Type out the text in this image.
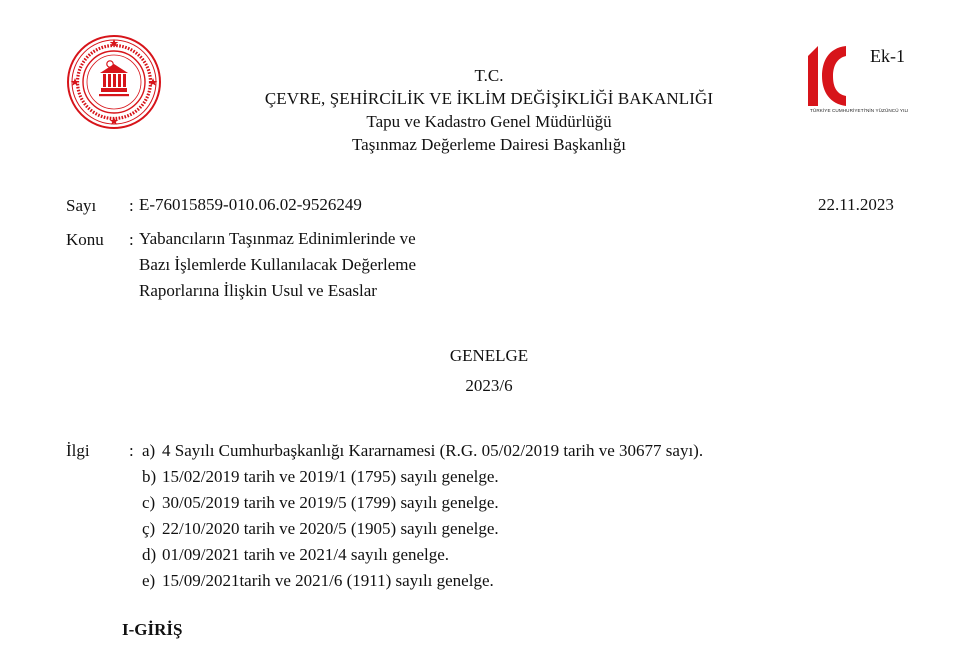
T.C.
ÇEVRE, ŞEHİRCİLİK VE İKLİM DEĞİŞİKLİĞİ BAKANLIĞI
Tapu ve Kadastro Genel Müdürlüğü
Taşınmaz Değerleme Dairesi Başkanlığı
TÜRKİYE CUMHURİYETİ'NİN YÜZÜNCÜ YILI
Ek-1
Sayı : E-76015859-010.06.02-9526249	22.11.2023
Konu : Yabancıların Taşınmaz Edinimlerinde ve
Bazı İşlemlerde Kullanılacak Değerleme
Raporlarına İlişkin Usul ve Esaslar
GENELGE
2023/6
İlgi : a) 4 Sayılı Cumhurbaşkanlığı Kararnamesi (R.G. 05/02/2019 tarih ve 30677 sayı).
b) 15/02/2019 tarih ve 2019/1 (1795) sayılı genelge.
c) 30/05/2019 tarih ve 2019/5 (1799) sayılı genelge.
ç) 22/10/2020 tarih ve 2020/5 (1905) sayılı genelge.
d) 01/09/2021 tarih ve 2021/4 sayılı genelge.
e) 15/09/2021tarih ve 2021/6 (1911) sayılı genelge.
I-GİRİŞ
